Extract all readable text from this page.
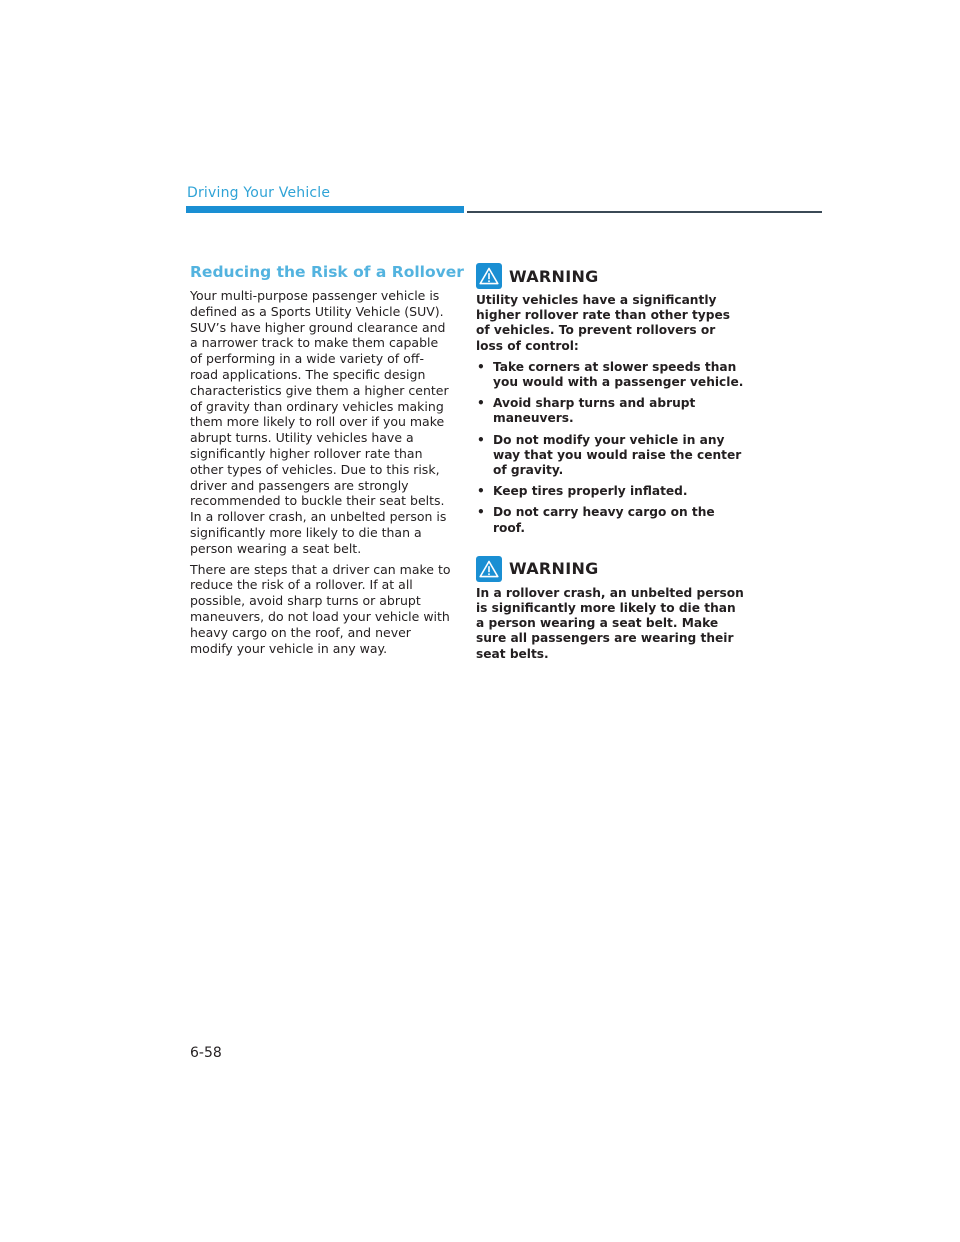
Driving Your Vehicle
Reducing the Risk of a Rollover

Your multi-purpose passenger vehicle is defined as a Sports Utility Vehicle (SUV). SUV’s have higher ground clearance and a narrower track to make them capable of performing in a wide variety of off-road applications. The specific design characteristics give them a higher center of gravity than ordinary vehicles making them more likely to roll over if you make abrupt turns. Utility vehicles have a significantly higher rollover rate than other types of vehicles. Due to this risk, driver and passengers are strongly recommended to buckle their seat belts. In a rollover crash, an unbelted person is significantly more likely to die than a person wearing a seat belt.

There are steps that a driver can make to reduce the risk of a rollover. If at all possible, avoid sharp turns or abrupt maneuvers, do not load your vehicle with heavy cargo on the roof, and never modify your vehicle in any way.

WARNING

Utility vehicles have a significantly higher rollover rate than other types of vehicles. To prevent rollovers or loss of control:

• Take corners at slower speeds than you would with a passenger vehicle.
• Avoid sharp turns and abrupt maneuvers.
• Do not modify your vehicle in any way that you would raise the center of gravity.
• Keep tires properly inflated.
• Do not carry heavy cargo on the roof.
WARNING

In a rollover crash, an unbelted person is significantly more likely to die than a person wearing a seat belt. Make sure all passengers are wearing their seat belts.

6-58
